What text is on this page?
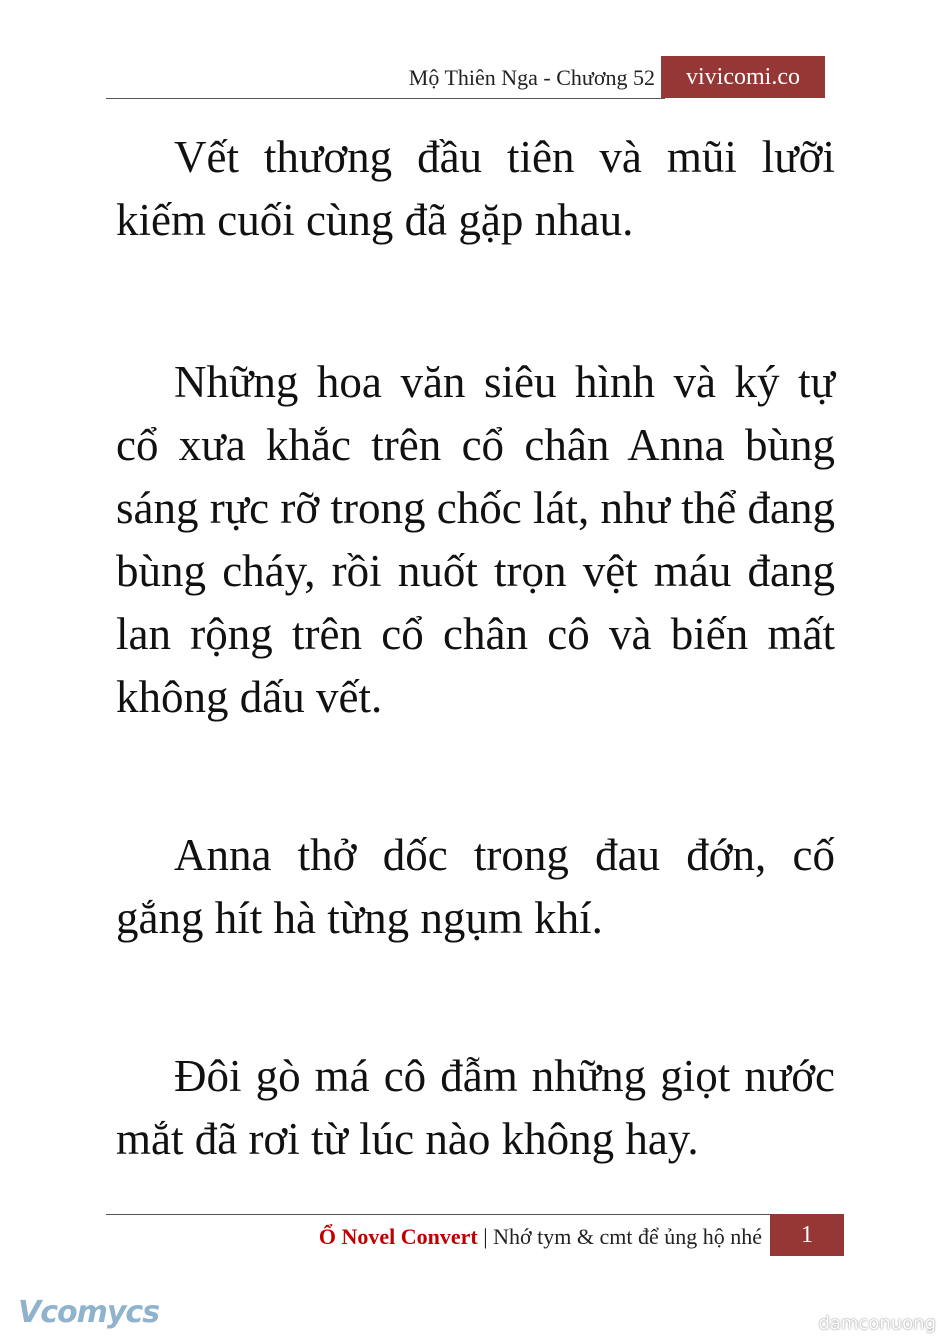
Mộ Thiên Nga - Chương 52	vivicomi.co

Vết thương đầu tiên và mũi lưỡi kiếm cuối cùng đã gặp nhau.

Những hoa văn siêu hình và ký tự cổ xưa khắc trên cổ chân Anna bùng sáng rực rỡ trong chốc lát, như thể đang bùng cháy, rồi nuốt trọn vệt máu đang lan rộng trên cổ chân cô và biến mất không dấu vết.

Anna thở dốc trong đau đớn, cố gắng hít hà từng ngụm khí.

Đôi gò má cô đẫm những giọt nước mắt đã rơi từ lúc nào không hay.

Ổ Novel Convert | Nhớ tym & cmt để ủng hộ nhé	1
Vcomycs	damconuong
